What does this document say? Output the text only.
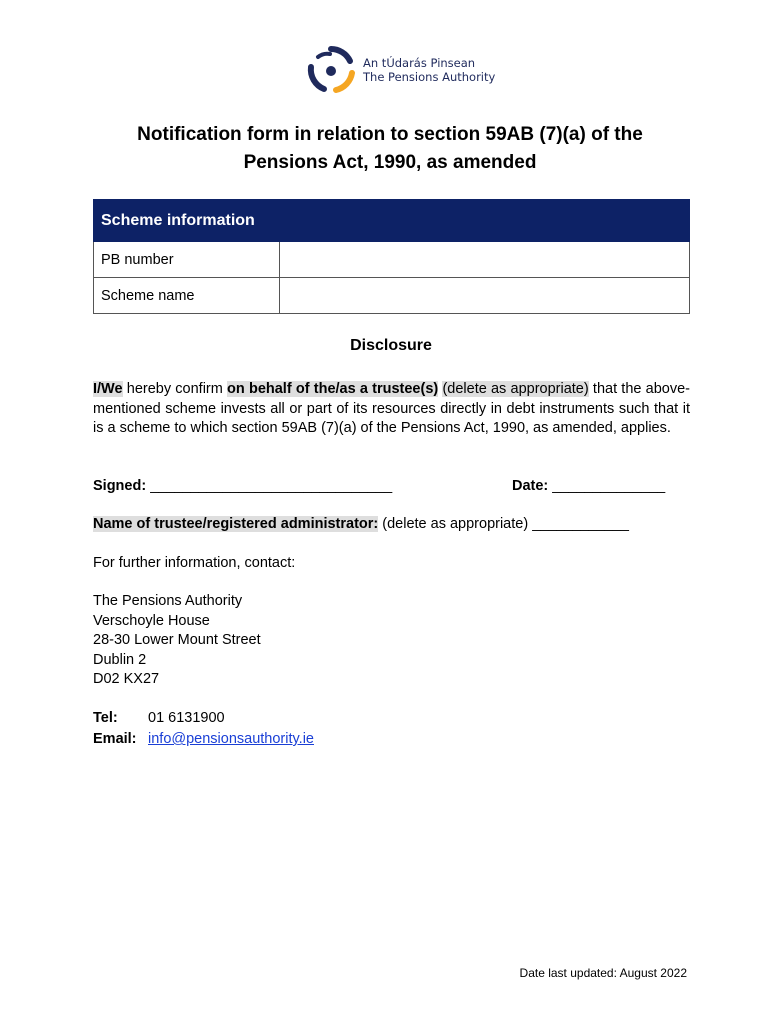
An tÚdarás Pinsean
The Pensions Authority
Notification form in relation to section 59AB (7)(a) of the
Pensions Act, 1990, as amended
Scheme information	
PB number	
Scheme name	
Disclosure

I/We hereby confirm on behalf of the/as a trustee(s) (delete as appropriate) that the above-mentioned scheme invests all or part of its resources directly in debt instruments such that it is a scheme to which section 59AB (7)(a) of the Pensions Act, 1990, as amended, applies.

Signed: ______________________________	Date: ______________
Name of trustee/registered administrator: (delete as appropriate) ____________
For further information, contact:
The Pensions Authority
Verschoyle House
28-30 Lower Mount Street
Dublin 2
D02 KX27
Tel: 01 6131900
Email: info@pensionsauthority.ie
Date last updated: August 2022
